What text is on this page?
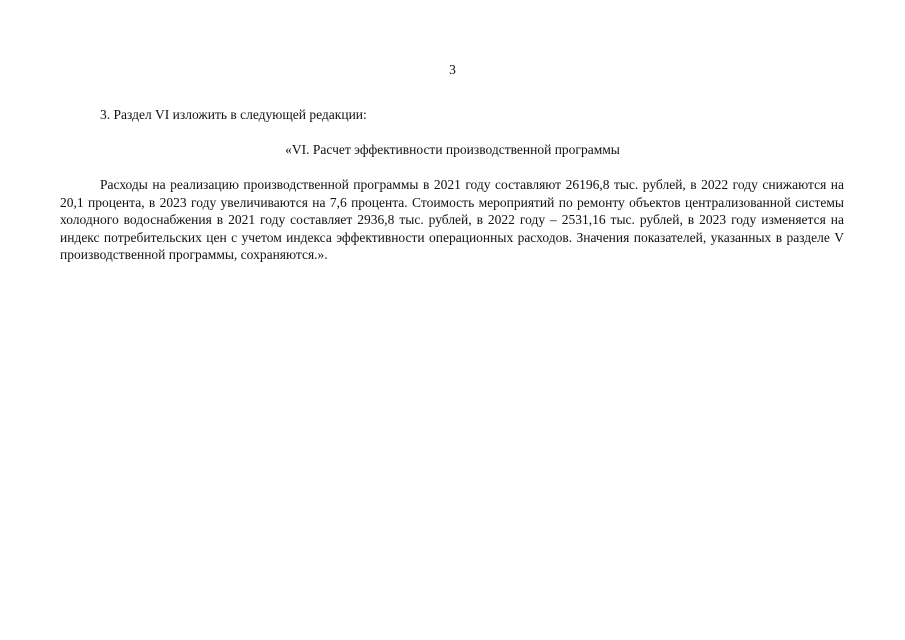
3
3. Раздел VI изложить в следующей редакции:
«VI. Расчет эффективности производственной программы

Расходы на реализацию производственной программы в 2021 году составляют 26196,8 тыс. рублей, в 2022 году снижаются на 20,1 процента, в 2023 году увеличиваются на 7,6 процента. Стоимость мероприятий по ремонту объектов централизованной системы холодного водоснабжения в 2021 году составляет 2936,8 тыс. рублей, в 2022 году – 2531,16 тыс. рублей, в 2023 году изменяется на индекс потребительских цен с учетом индекса эффективности операционных расходов. Значения показателей, указанных в разделе V производственной программы, сохраняются.».
